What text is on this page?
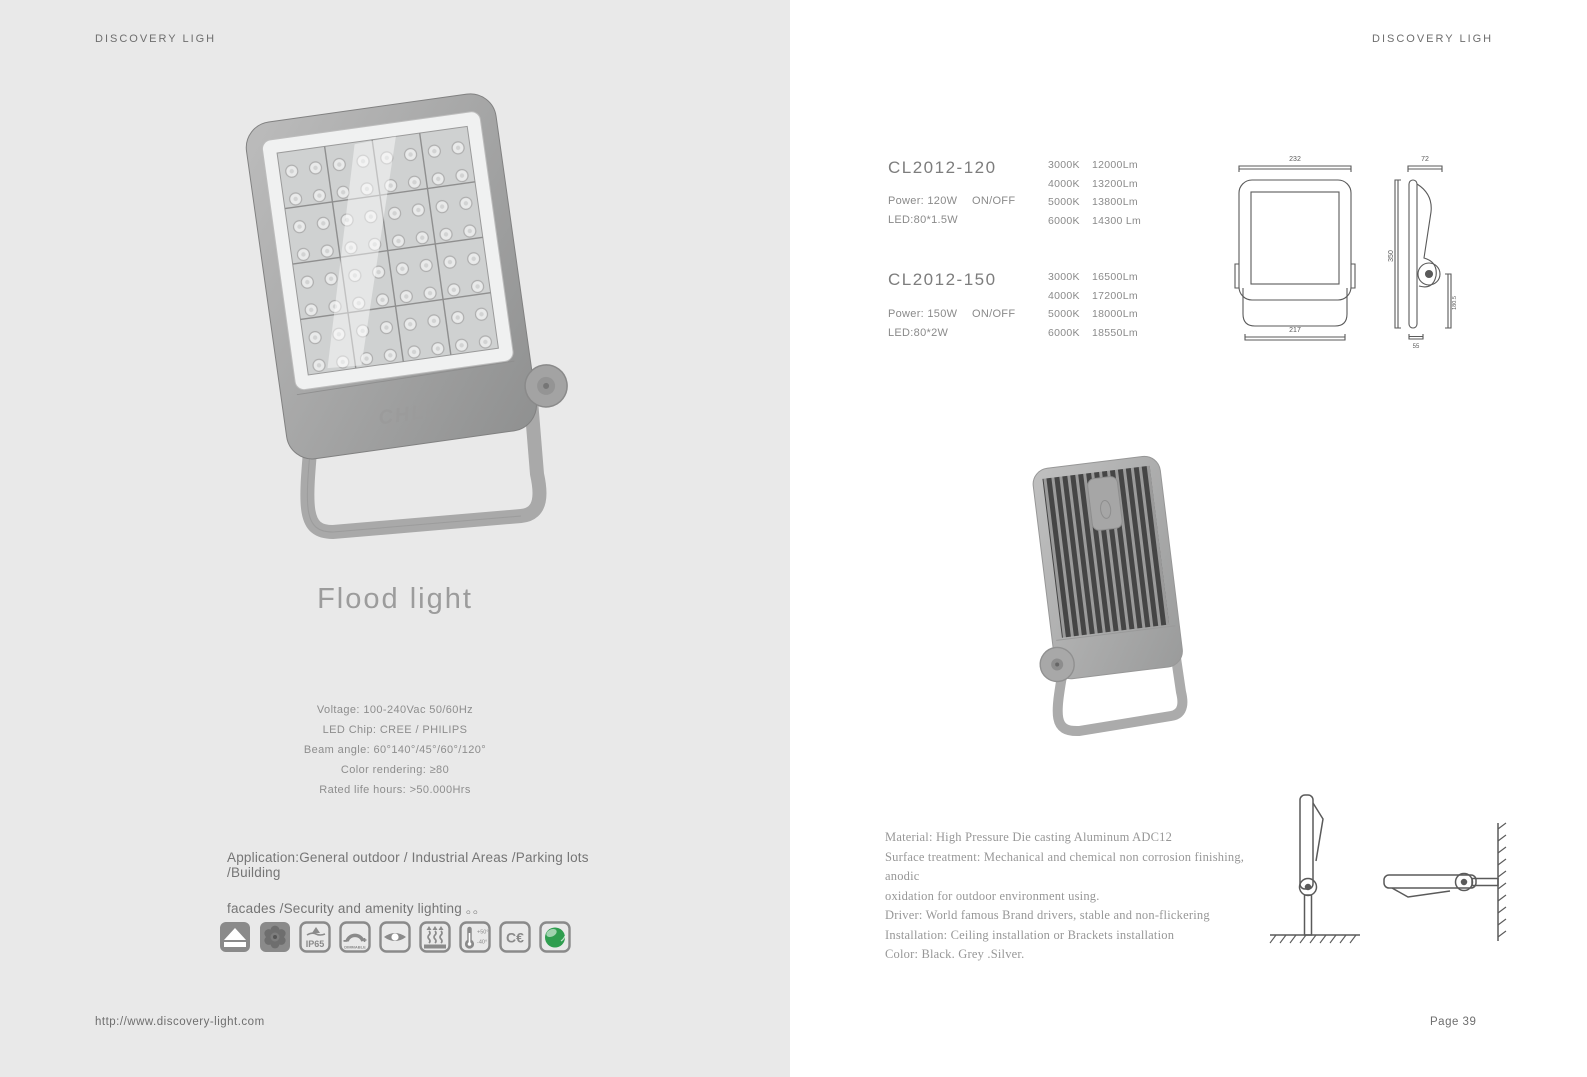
DISCOVERY LIGH
CHLI
Flood light
Voltage: 100-240Vac 50/60Hz
LED Chip: CREE / PHILIPS
Beam angle: 60°140°/45°/60°/120°
Color rendering: ≥80
Rated life hours: >50.000Hrs
Application:General outdoor / Industrial Areas /Parking lots /Building
facades /Security and amenity lighting 。。
IP65	DIMMABLE
+50°
-40° C€
http://www.discovery-light.com
DISCOVERY LIGH
CL2012-120
Power: 120W ON/OFF
LED:80*1.5W
3000K	12000Lm
4000K	13200Lm
5000K	13800Lm
6000K	14300 Lm
CL2012-150
Power: 150W ON/OFF
LED:80*2W
3000K	16500Lm
4000K	17200Lm
5000K	18000Lm
6000K	18550Lm
232
217
72
350
180.5
55
Material: High Pressure Die casting Aluminum ADC12
Surface treatment: Mechanical and chemical non corrosion finishing, anodic
oxidation for outdoor environment using.
Driver: World famous Brand drivers, stable and non-flickering
Installation: Ceiling installation or Brackets installation
Color: Black. Grey .Silver.
Page 39
